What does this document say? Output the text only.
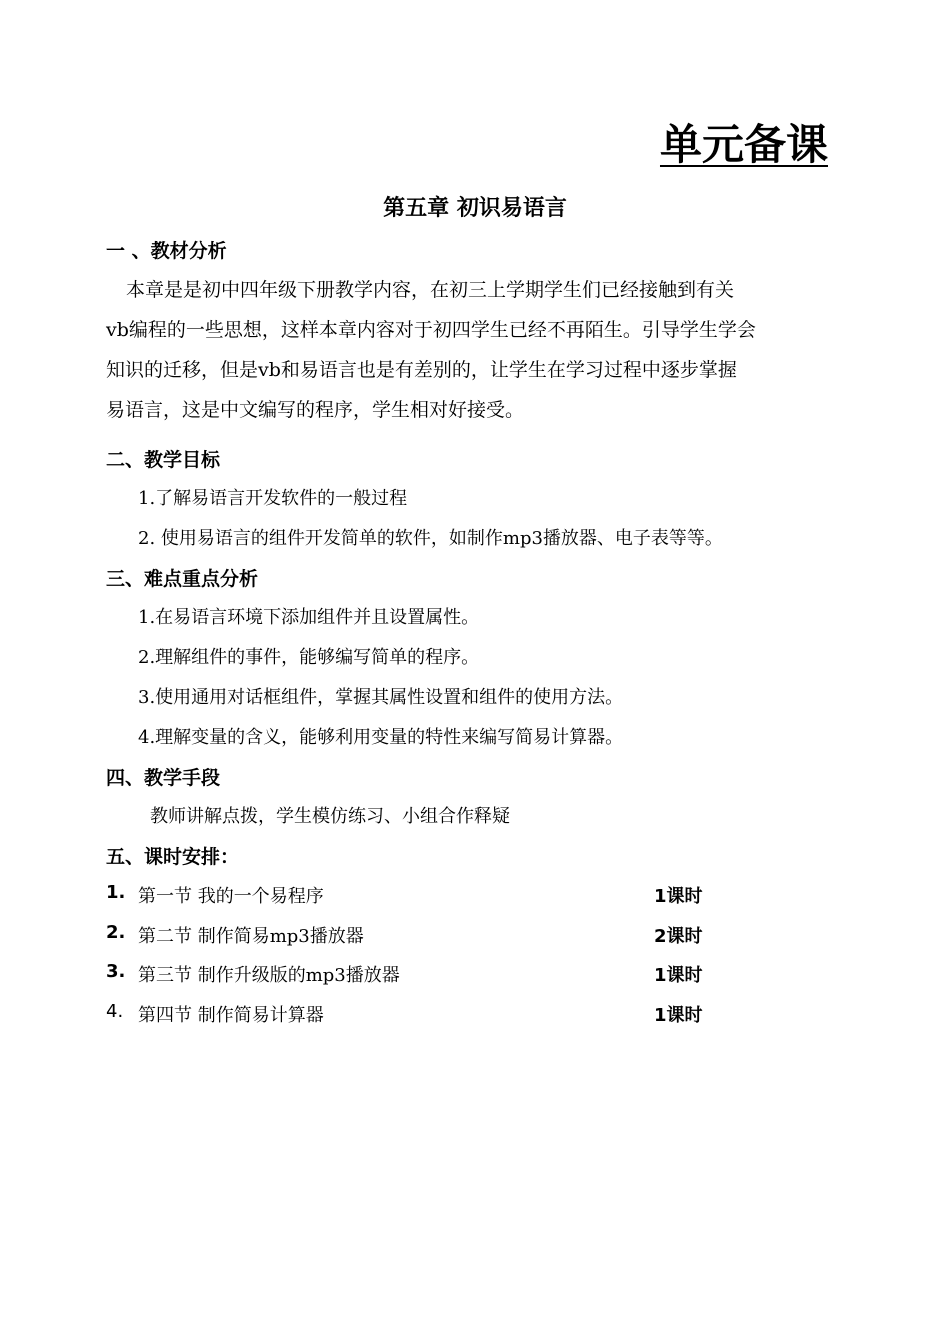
单元备课
第五章 初识易语言
一 、教材分析

本章是是初中四年级下册教学内容，在初三上学期学生们已经接触到有关

vb编程的一些思想，这样本章内容对于初四学生已经不再陌生。引导学生学会

知识的迁移，但是vb和易语言也是有差别的，让学生在学习过程中逐步掌握

易语言，这是中文编写的程序，学生相对好接受。

二、教学目标
1.了解易语言开发软件的一般过程
2. 使用易语言的组件开发简单的软件，如制作mp3播放器、电子表等等。
三、难点重点分析
1.在易语言环境下添加组件并且设置属性。
2.理解组件的事件，能够编写简单的程序。
3.使用通用对话框组件，掌握其属性设置和组件的使用方法。
4.理解变量的含义，能够利用变量的特性来编写简易计算器。
四、教学手段
教师讲解点拨，学生模仿练习、小组合作释疑
五、课时安排：
1. 第一节 我的一个易程序	1课时
2. 第二节 制作简易mp3播放器	2课时
3. 第三节 制作升级版的mp3播放器	1课时
4. 第四节 制作简易计算器	1课时
